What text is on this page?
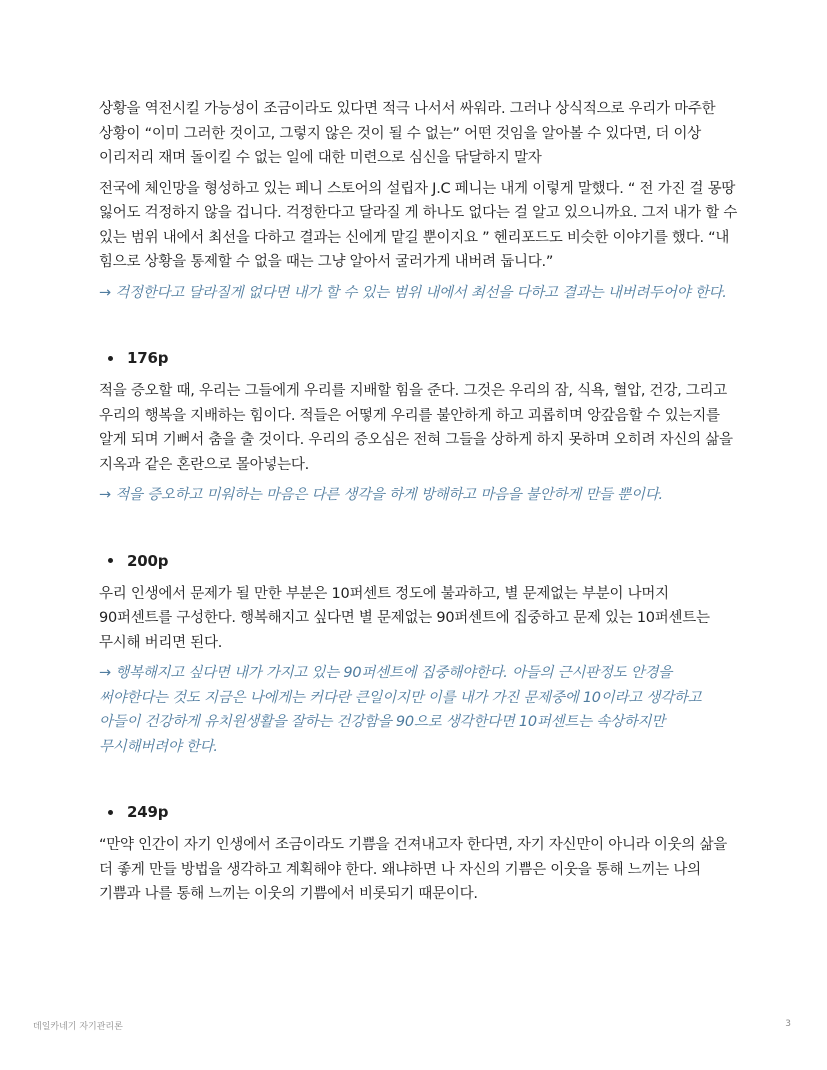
상황을 역전시킬 가능성이 조금이라도 있다면 적극 나서서 싸워라. 그러나 상식적으로 우리가 마주한 상황이 “이미 그러한 것이고, 그렇지 않은 것이 될 수 없는” 어떤 것임을 알아볼 수 있다면, 더 이상 이리저리 재며 돌이킬 수 없는 일에 대한 미련으로 심신을 닦달하지 말자

전국에 체인망을 형성하고 있는 페니 스토어의 설립자 J.C 페니는 내게 이렇게 말했다. “ 전 가진 걸 몽땅 잃어도 걱정하지 않을 겁니다. 걱정한다고 달라질 게 하나도 없다는 걸 알고 있으니까요. 그저 내가 할 수 있는 범위 내에서 최선을 다하고 결과는 신에게 맡길 뿐이지요 ” 헨리포드도 비슷한 이야기를 했다. “내 힘으로 상황을 통제할 수 없을 때는 그냥 알아서 굴러가게 내버려 둡니다.”

→ 걱정한다고 달라질게 없다면 내가 할 수 있는 범위 내에서 최선을 다하고 결과는 내버려두어야 한다.

176p

적을 증오할 때, 우리는 그들에게 우리를 지배할 힘을 준다. 그것은 우리의 잠, 식욕, 혈압, 건강, 그리고 우리의 행복을 지배하는 힘이다. 적들은 어떻게 우리를 불안하게 하고 괴롭히며 앙갚음할 수 있는지를 알게 되며 기뻐서 춤을 출 것이다. 우리의 증오심은 전혀 그들을 상하게 하지 못하며 오히려 자신의 삶을 지옥과 같은 혼란으로 몰아넣는다.

→ 적을 증오하고 미워하는 마음은 다른 생각을 하게 방해하고 마음을 불안하게 만들 뿐이다.

200p

우리 인생에서 문제가 될 만한 부분은 10퍼센트 정도에 불과하고, 별 문제없는 부분이 나머지 90퍼센트를 구성한다. 행복해지고 싶다면 별 문제없는 90퍼센트에 집중하고 문제 있는 10퍼센트는 무시해 버리면 된다.

→ 행복해지고 싶다면 내가 가지고 있는 90퍼센트에 집중해야한다. 아들의 근시판정도 안경을 써야한다는 것도 지금은 나에게는 커다란 큰일이지만 이를 내가 가진 문제중에 10이라고 생각하고 아들이 건강하게 유치원생활을 잘하는 건강함을 90으로 생각한다면 10퍼센트는 속상하지만 무시해버려야 한다.

249p

“만약 인간이 자기 인생에서 조금이라도 기쁨을 건져내고자 한다면, 자기 자신만이 아니라 이웃의 삶을 더 좋게 만들 방법을 생각하고 계획해야 한다. 왜냐하면 나 자신의 기쁨은 이웃을 통해 느끼는 나의 기쁨과 나를 통해 느끼는 이웃의 기쁨에서 비롯되기 때문이다.

데일카네기 자기관리론	3
